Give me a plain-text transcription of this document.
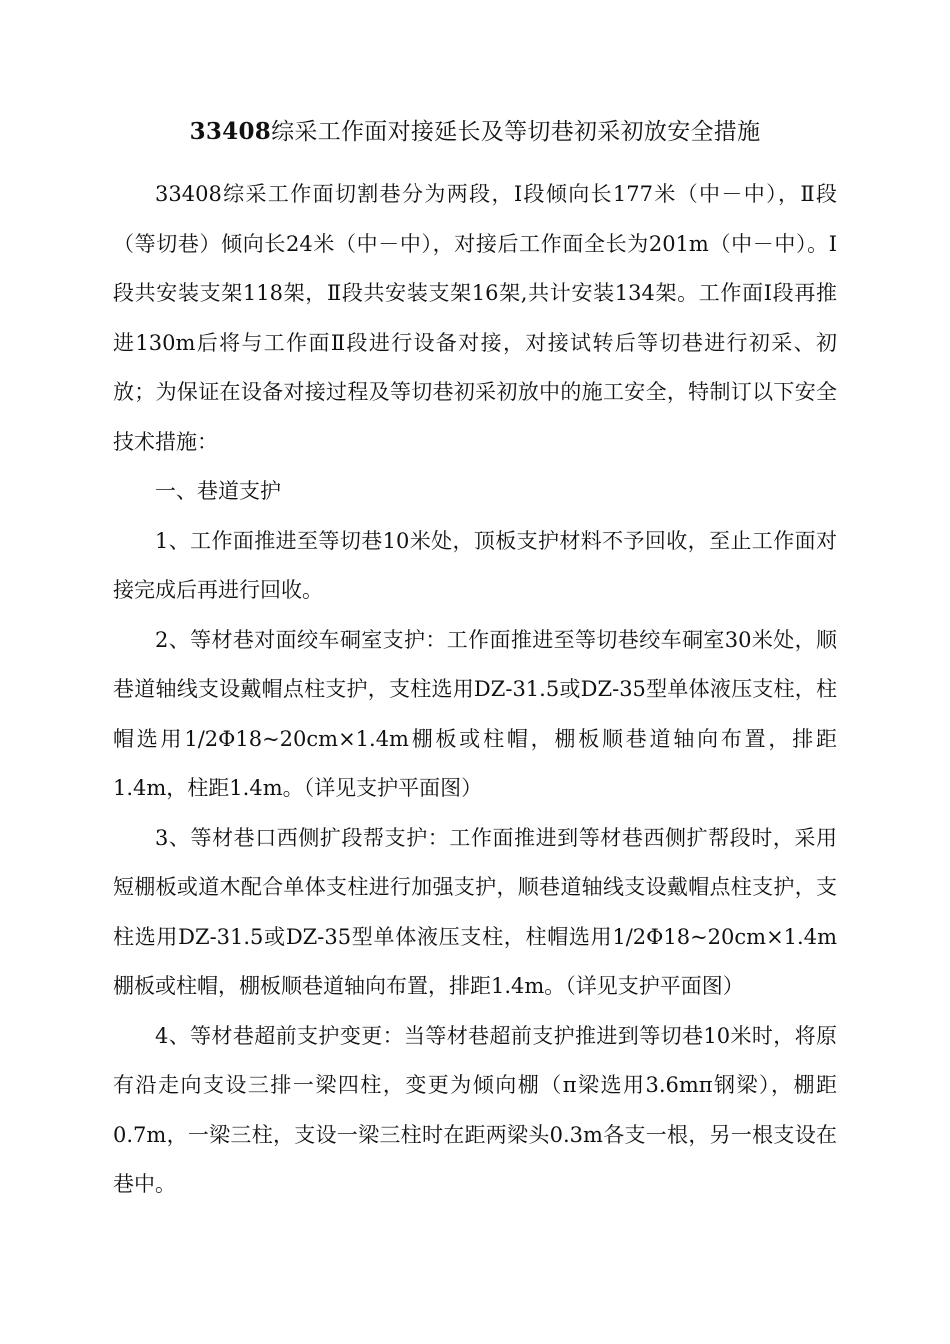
33408综采工作面对接延长及等切巷初采初放安全措施

33408综采工作面切割巷分为两段，Ⅰ段倾向长177米（中－中），Ⅱ段（等切巷）倾向长24米（中－中），对接后工作面全长为201m（中－中）。Ⅰ段共安装支架118架，Ⅱ段共安装支架16架,共计安装134架。工作面Ⅰ段再推进130m后将与工作面Ⅱ段进行设备对接，对接试转后等切巷进行初采、初放；为保证在设备对接过程及等切巷初采初放中的施工安全，特制订以下安全技术措施：

一、巷道支护

1、工作面推进至等切巷10米处，顶板支护材料不予回收，至止工作面对接完成后再进行回收。

2、等材巷对面绞车硐室支护：工作面推进至等切巷绞车硐室30米处，顺巷道轴线支设戴帽点柱支护，支柱选用DZ-31.5或DZ-35型单体液压支柱，柱帽选用1/2Φ18~20cm×1.4m棚板或柱帽，棚板顺巷道轴向布置，排距1.4m，柱距1.4m。（详见支护平面图）

3、等材巷口西侧扩段帮支护：工作面推进到等材巷西侧扩帮段时，采用短棚板或道木配合单体支柱进行加强支护，顺巷道轴线支设戴帽点柱支护，支柱选用DZ-31.5或DZ-35型单体液压支柱，柱帽选用1/2Φ18~20cm×1.4m棚板或柱帽，棚板顺巷道轴向布置，排距1.4m。（详见支护平面图）

4、等材巷超前支护变更：当等材巷超前支护推进到等切巷10米时，将原有沿走向支设三排一梁四柱，变更为倾向棚（π梁选用3.6mπ钢梁），棚距0.7m，一梁三柱，支设一梁三柱时在距两梁头0.3m各支一根，另一根支设在巷中。
